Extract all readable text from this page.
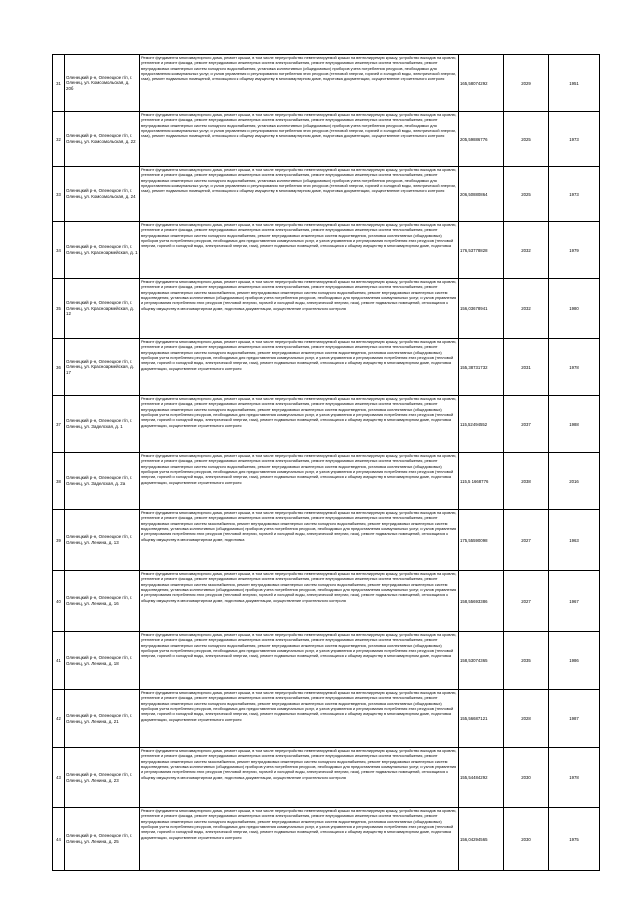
31	Оленецкий р-н, Оленецкое г/п, г. Оленец, ул. Комсомольская, д. 20б	Ремонт фундамента многоквартирного дома, ремонт крыши, в том числе переустройство невентилируемой крыши на вентилируемую крышу, устройство выходов на кровлю, утепление и ремонт фасада, ремонт внутридомовых инженерных систем электроснабжения, ремонт внутридомовых инженерных систем теплоснабжения, ремонт внутридомовых инженерных систем холодного водоснабжения, установка коллективных (общедомовых) приборов учета потребления ресурсов, необходимых для предоставления коммунальных услуг, и узлов управления и регулирования потребления этих ресурсов (тепловой энергии, горячей и холодной воды, электрической энергии, газа), ремонт подвальных помещений, относящихся к общему имуществу в многоквартирном доме, подготовка документации, осуществление строительного контроля	165,58074292	2029	1951
32	Оленецкий р-н, Оленецкое г/п, г. Оленец, ул. Комсомольская, д. 22	Ремонт фундамента многоквартирного дома, ремонт крыши, в том числе переустройство невентилируемой крыши на вентилируемую крышу, устройство выходов на кровлю, утепление и ремонт фасада, ремонт внутридомовых инженерных систем электроснабжения, ремонт внутридомовых инженерных систем теплоснабжения, ремонт внутридомовых инженерных систем холодного водоснабжения, установка коллективных (общедомовых) приборов учета потребления ресурсов, необходимых для предоставления коммунальных услуг, и узлов управления и регулирования потребления этих ресурсов (тепловой энергии, горячей и холодной воды, электрической энергии, газа), ремонт подвальных помещений, относящихся к общему имуществу в многоквартирном доме, подготовка документации, осуществление строительного контроля	205,59886776	2025	1973
33	Оленецкий р-н, Оленецкое г/п, г. Оленец, ул. Комсомольская, д. 24	Ремонт фундамента многоквартирного дома, ремонт крыши, в том числе переустройство невентилируемой крыши на вентилируемую крышу, устройство выходов на кровлю, утепление и ремонт фасада, ремонт внутридомовых инженерных систем электроснабжения, ремонт внутридомовых инженерных систем теплоснабжения, ремонт внутридомовых инженерных систем холодного водоснабжения, установка коллективных (общедомовых) приборов учета потребления ресурсов, необходимых для предоставления коммунальных услуг, и узлов управления и регулирования потребления этих ресурсов (тепловой энергии, горячей и холодной воды, электрической энергии, газа), ремонт подвальных помещений, относящихся к общему имуществу в многоквартирном доме, подготовка документации, осуществление строительного контроля	206,50880864	2025	1973
34	Оленецкий р-н, Оленецкое г/п, г. Оленец, ул. Красноармейская, д. 1	Ремонт фундамента многоквартирного дома, ремонт крыши, в том числе переустройство невентилируемой крыши на вентилируемую крышу, устройство выходов на кровлю, утепление и ремонт фасада, ремонт внутридомовых инженерных систем электроснабжения, ремонт внутридомовых инженерных систем теплоснабжения, ремонт внутридомовых инженерных систем холодного водоснабжения, ремонт внутридомовых инженерных систем водоотведения, установка коллективных (общедомовых) приборов учета потребления ресурсов, необходимых для предоставления коммунальных услуг, и узлов управления и регулирования потребления этих ресурсов (тепловой энергии, горячей и холодной воды, электрической энергии, газа), ремонт подвальных помещений, относящихся к общему имуществу в многоквартирном доме, подготовка	176,53778828	2032	1979
35	Оленецкий р-н, Оленецкое г/п, г. Оленец, ул. Красноармейская, д. 12	Ремонт фундамента многоквартирного дома, ремонт крыши, в том числе переустройство невентилируемой крыши на вентилируемую крышу, устройство выходов на кровлю, утепление и ремонт фасада, ремонт внутридомовых инженерных систем электроснабжения, ремонт внутридомовых инженерных систем теплоснабжения, ремонт внутридомовых инженерных систем газоснабжения, ремонт внутридомовых инженерных систем холодного водоснабжения, ремонт внутридомовых инженерных систем водоотведения, установка коллективных (общедомовых) приборов учета потребления ресурсов, необходимых для предоставления коммунальных услуг, и узлов управления и регулирования потребления этих ресурсов (тепловой энергии, горячей и холодной воды, электрической энергии, газа), ремонт подвальных помещений, относящихся к общему имуществу в многоквартирном доме, подготовка документации, осуществление строительного контроля	156,03678941	2032	1980
36	Оленецкий р-н, Оленецкое г/п, г. Оленец, ул. Красноармейская, д. 17	Ремонт фундамента многоквартирного дома, ремонт крыши, в том числе переустройство невентилируемой крыши на вентилируемую крышу, устройство выходов на кровлю, утепление и ремонт фасада, ремонт внутридомовых инженерных систем электроснабжения, ремонт внутридомовых инженерных систем теплоснабжения, ремонт внутридомовых инженерных систем холодного водоснабжения, ремонт внутридомовых инженерных систем водоотведения, установка коллективных (общедомовых) приборов учета потребления ресурсов, необходимых для предоставления коммунальных услуг, и узлов управления и регулирования потребления этих ресурсов (тепловой энергии, горячей и холодной воды, электрической энергии, газа), ремонт подвальных помещений, относящихся к общему имуществу в многоквартирном доме, подготовка документации, осуществление строительного контроля	155,38731732	2031	1978
37	Оленецкий р-н, Оленецкое г/п, г. Оленец, ул. Заделская, д. 1	Ремонт фундамента многоквартирного дома, ремонт крыши, в том числе переустройство невентилируемой крыши на вентилируемую крышу, устройство выходов на кровлю, утепление и ремонт фасада, ремонт внутридомовых инженерных систем электроснабжения, ремонт внутридомовых инженерных систем теплоснабжения, ремонт внутридомовых инженерных систем холодного водоснабжения, ремонт внутридомовых инженерных систем водоотведения, установка коллективных (общедомовых) приборов учета потребления ресурсов, необходимых для предоставления коммунальных услуг, и узлов управления и регулирования потребления этих ресурсов (тепловой энергии, горячей и холодной воды, электрической энергии, газа), ремонт подвальных помещений, относящихся к общему имуществу в многоквартирном доме, подготовка документации, осуществление строительного контроля	115,52494552	2037	1988
38	Оленецкий р-н, Оленецкое г/п, г. Оленец, ул. Заделская, д. 2а	Ремонт фундамента многоквартирного дома, ремонт крыши, в том числе переустройство невентилируемой крыши на вентилируемую крышу, устройство выходов на кровлю, утепление и ремонт фасада, ремонт внутридомовых инженерных систем электроснабжения, ремонт внутридомовых инженерных систем теплоснабжения, ремонт внутридомовых инженерных систем холодного водоснабжения, ремонт внутридомовых инженерных систем водоотведения, установка коллективных (общедомовых) приборов учета потребления ресурсов, необходимых для предоставления коммунальных услуг, и узлов управления и регулирования потребления этих ресурсов (тепловой энергии, горячей и холодной воды, электрической энергии, газа), ремонт подвальных помещений, относящихся к общему имуществу в многоквартирном доме, подготовка документации, осуществление строительного контроля	115,5 1668776	2038	2016
39	Оленецкий р-н, Оленецкое г/п, г. Оленец, ул. Ленина, д. 13	Ремонт фундамента многоквартирного дома, ремонт крыши, в том числе переустройство невентилируемой крыши на вентилируемую крышу, устройство выходов на кровлю, утепление и ремонт фасада, ремонт внутридомовых инженерных систем электроснабжения, ремонт внутридомовых инженерных систем теплоснабжения, ремонт внутридомовых инженерных систем газоснабжения, ремонт внутридомовых инженерных систем холодного водоснабжения, ремонт внутридомовых инженерных систем водоотведения, установка коллективных (общедомовых) приборов учета потребления ресурсов, необходимых для предоставления коммунальных услуг, и узлов управления и регулирования потребления этих ресурсов (тепловой энергии, горячей и холодной воды, электрической энергии, газа), ремонт подвальных помещений, относящихся к общему имуществу в многоквартирном доме, подготовка	175,55590098	2027	1963
40	Оленецкий р-н, Оленецкое г/п, г. Оленец, ул. Ленина, д. 16	Ремонт фундамента многоквартирного дома, ремонт крыши, в том числе переустройство невентилируемой крыши на вентилируемую крышу, устройство выходов на кровлю, утепление и ремонт фасада, ремонт внутридомовых инженерных систем электроснабжения, ремонт внутридомовых инженерных систем теплоснабжения, ремонт внутридомовых инженерных систем газоснабжения, ремонт внутридомовых инженерных систем холодного водоснабжения, ремонт внутридомовых инженерных систем водоотведения, установка коллективных (общедомовых) приборов учета потребления ресурсов, необходимых для предоставления коммунальных услуг, и узлов управления и регулирования потребления этих ресурсов (тепловой энергии, горячей и холодной воды, электрической энергии, газа), ремонт подвальных помещений, относящихся к общему имуществу в многоквартирном доме, подготовка документации, осуществление строительного контроля	158,55693386	2027	1967
41	Оленецкий р-н, Оленецкое г/п, г. Оленец, ул. Ленина, д. 18	Ремонт фундамента многоквартирного дома, ремонт крыши, в том числе переустройство невентилируемой крыши на вентилируемую крышу, устройство выходов на кровлю, утепление и ремонт фасада, ремонт внутридомовых инженерных систем электроснабжения, ремонт внутридомовых инженерных систем теплоснабжения, ремонт внутридомовых инженерных систем холодного водоснабжения, ремонт внутридомовых инженерных систем водоотведения, установка коллективных (общедомовых) приборов учета потребления ресурсов, необходимых для предоставления коммунальных услуг, и узлов управления и регулирования потребления этих ресурсов (тепловой энергии, горячей и холодной воды, электрической энергии, газа), ремонт подвальных помещений, относящихся к общему имуществу в многоквартирном доме, подготовка	158,53074365	2035	1986
42	Оленецкий р-н, Оленецкое г/п, г. Оленец, ул. Ленина, д. 21	Ремонт фундамента многоквартирного дома, ремонт крыши, в том числе переустройство невентилируемой крыши на вентилируемую крышу, устройство выходов на кровлю, утепление и ремонт фасада, ремонт внутридомовых инженерных систем электроснабжения, ремонт внутридомовых инженерных систем теплоснабжения, ремонт внутридомовых инженерных систем холодного водоснабжения, ремонт внутридомовых инженерных систем водоотведения, установка коллективных (общедомовых) приборов учета потребления ресурсов, необходимых для предоставления коммунальных услуг, и узлов управления и регулирования потребления этих ресурсов (тепловой энергии, горячей и холодной воды, электрической энергии, газа), ремонт подвальных помещений, относящихся к общему имуществу в многоквартирном доме, подготовка документации, осуществление строительного контроля	155,56687121	2028	1987
43	Оленецкий р-н, Оленецкое г/п, г. Оленец, ул. Ленина, д. 23	Ремонт фундамента многоквартирного дома, ремонт крыши, в том числе переустройство невентилируемой крыши на вентилируемую крышу, устройство выходов на кровлю, утепление и ремонт фасада, ремонт внутридомовых инженерных систем электроснабжения, ремонт внутридомовых инженерных систем теплоснабжения, ремонт внутридомовых инженерных систем газоснабжения, ремонт внутридомовых инженерных систем холодного водоснабжения, ремонт внутридомовых инженерных систем водоотведения, установка коллективных (общедомовых) приборов учета потребления ресурсов, необходимых для предоставления коммунальных услуг, и узлов управления и регулирования потребления этих ресурсов (тепловой энергии, горячей и холодной воды, электрической энергии, газа), ремонт подвальных помещений, относящихся к общему имуществу в многоквартирном доме, подготовка документации, осуществление строительного контроля	155,54484292	2030	1978
44	Оленецкий р-н, Оленецкое г/п, г. Оленец, ул. Ленина, д. 25	Ремонт фундамента многоквартирного дома, ремонт крыши, в том числе переустройство невентилируемой крыши на вентилируемую крышу, устройство выходов на кровлю, утепление и ремонт фасада, ремонт внутридомовых инженерных систем электроснабжения, ремонт внутридомовых инженерных систем теплоснабжения, ремонт внутридомовых инженерных систем холодного водоснабжения, ремонт внутридомовых инженерных систем водоотведения, установка коллективных (общедомовых) приборов учета потребления ресурсов, необходимых для предоставления коммунальных услуг, и узлов управления и регулирования потребления этих ресурсов (тепловой энергии, горячей и холодной воды, электрической энергии, газа), ремонт подвальных помещений, относящихся к общему имуществу в многоквартирном доме, подготовка документации, осуществление строительного контроля	156,04294565	2030	1975
